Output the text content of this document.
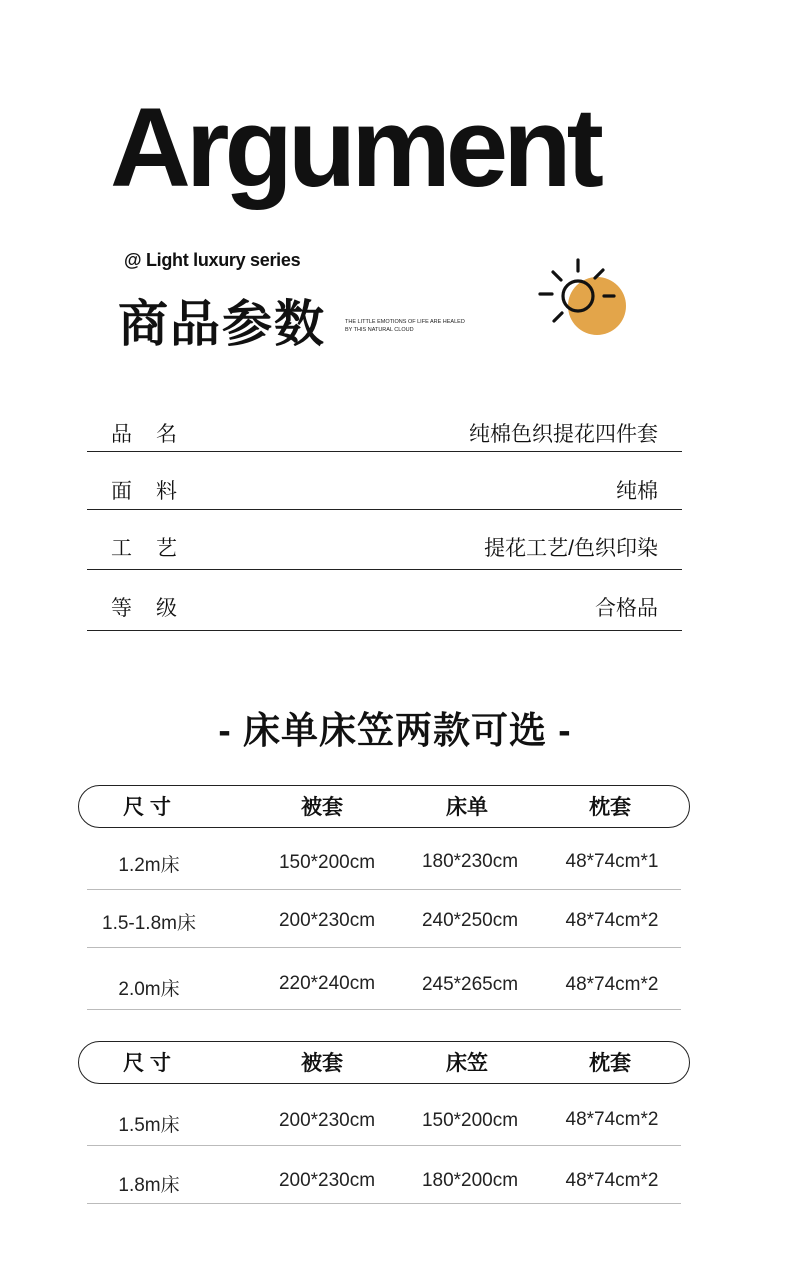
Argument
@ Light luxury series
商品参数	THE LITTLE EMOTIONS OF LIFE ARE HEALED
BY THIS NATURAL CLOUD
品名	纯棉色织提花四件套
面料	纯棉
工艺	提花工艺/色织印染
等级	合格品
- 床单床笠两款可选 -
尺 寸	被套	床单	枕套
1.2m床	150*200cm	180*230cm	48*74cm*1
1.5-1.8m床	200*230cm	240*250cm	48*74cm*2
2.0m床	220*240cm	245*265cm	48*74cm*2
尺 寸	被套	床笠	枕套
1.5m床	200*230cm	150*200cm	48*74cm*2
1.8m床	200*230cm	180*200cm	48*74cm*2
